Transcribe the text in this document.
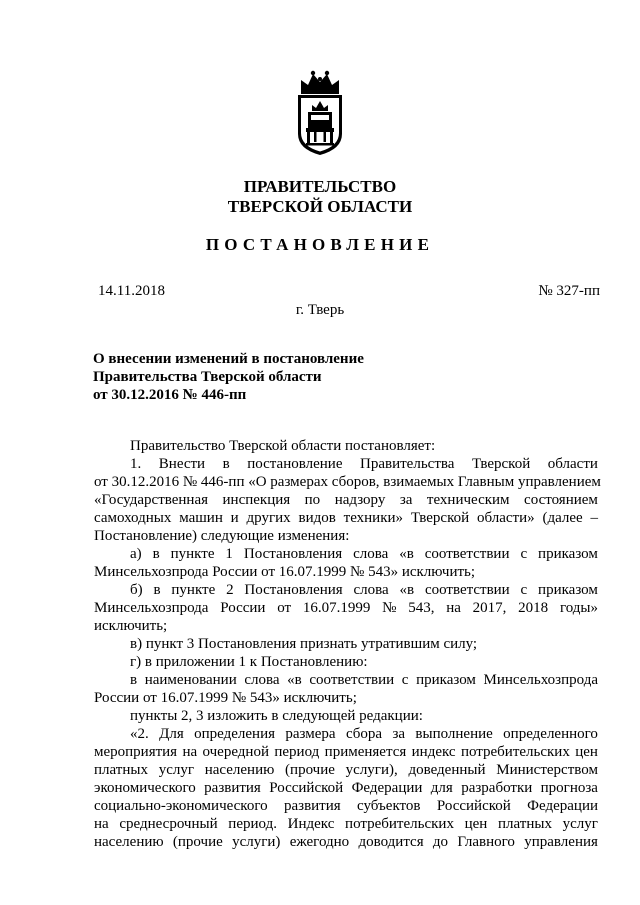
ПРАВИТЕЛЬСТВО
ТВЕРСКОЙ ОБЛАСТИ
ПОСТАНОВЛЕНИЕ
14.11.2018	№ 327-пп
г. Тверь
О внесении изменений в постановление
Правительства Тверской области
от 30.12.2016 № 446-пп
Правительство Тверской области постановляет:
1. Внести в постановление Правительства Тверской области
от 30.12.2016 № 446-пп «О размерах сборов, взимаемых Главным управлением
«Государственная инспекция по надзору за техническим состоянием
самоходных машин и других видов техники» Тверской области» (далее –
Постановление) следующие изменения:
а) в пункте 1 Постановления слова «в соответствии с приказом
Минсельхозпрода России от 16.07.1999 № 543» исключить;
б) в пункте 2 Постановления слова «в соответствии с приказом
Минсельхозпрода России от 16.07.1999 № 543, на 2017, 2018 годы»
исключить;
в) пункт 3 Постановления признать утратившим силу;
г) в приложении 1 к Постановлению:
в наименовании слова «в соответствии с приказом Минсельхозпрода
России от 16.07.1999 № 543» исключить;
пункты 2, 3 изложить в следующей редакции:
«2. Для определения размера сбора за выполнение определенного
мероприятия на очередной период применяется индекс потребительских цен
платных услуг населению (прочие услуги), доведенный Министерством
экономического развития Российской Федерации для разработки прогноза
социально-экономического развития субъектов Российской Федерации
на среднесрочный период. Индекс потребительских цен платных услуг
населению (прочие услуги) ежегодно доводится до Главного управления
